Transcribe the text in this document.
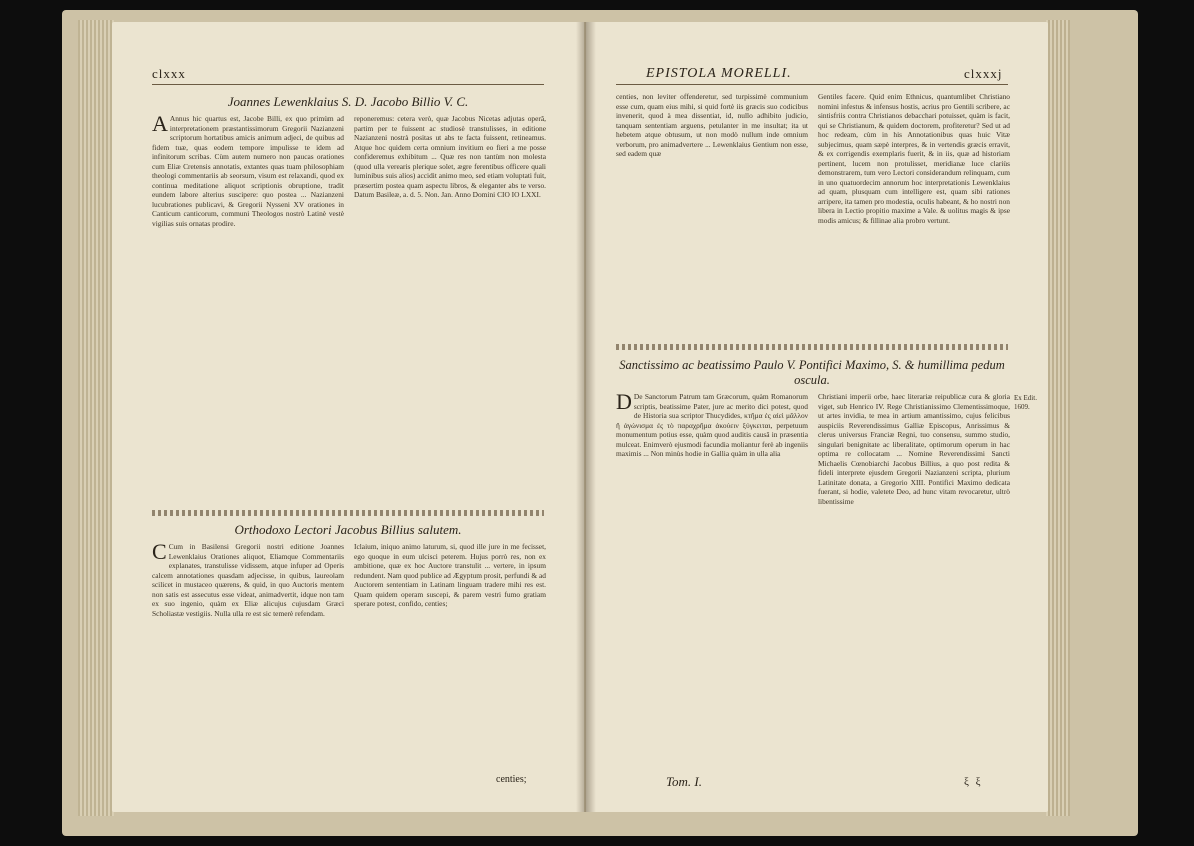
clxxx
Joannes Lewenklaius S. D. Jacobo Billio V. C.

A Annus hic quartus est, Jacobe Billi, ex quo primùm ad interpretationem præstantissimorum Gregorii Nazianzeni scriptorum hortatibus amicis animum adjeci, de quibus ad fidem tuæ, quas eodem tempore impulisse te idem ad infinitorum scribas. Cùm autem numero non paucas orationes cum Eliæ Cretensis annotatis, extantes quas tuam philosophiam theologi commentariis ab seorsum, visum est relaxandi, quod ex continua meditatione aliquot scriptionis obruptione, tradit eundem labore alterius suscipere: quo postea ... Nazianzeni lucubrationes publicavi, & Gregorii Nysseni XV orationes in Canticum canticorum, communi Theologos nostrò Latinè vestè vigilias suis ornatas prodire.

reponeremus: cetera verò, quæ Jacobus Nicetas adjutas operâ, partim per te fuissent ac studiosè transtulisses, in editione Nazianzeni nostrà positas ut abs te facta fuissent, retineamus. Atque hoc quidem certa omnium invitium eo fieri a me posse confideremus exhibitum ... Quæ res non tantùm non molesta (quod ulla verearis plerique solet, ægre ferentibus officere quali luminibus suis alios) accidit animo meo, sed etiam voluptati fuit, præsertim postea quam aspectu libros, & eleganter abs te verso. Datum Basileæ, a. d. 5. Non. Jan. Anno Domini CIO IO LXXI.

Orthodoxo Lectori Jacobus Billius salutem.

C Cum in Basilensi Gregorii nostri editione Joannes Lewenklaius Orationes aliquot, Eliamque Commentariis explanates, transtulisse vidissem, atque infuper ad Operis calcem annotationes quasdam adjecisse, in quibus, laureolam scilicet in mustaceo quærens, & quid, in quo Auctoris mentem non satis est assecutus esse videat, animadvertit, idque non tam ex suo ingenio, quàm ex Eliæ alicujus cujusdam Græci Scholiastæ vestigiis. Nulla ulla re est sic temerè refendam.

Iclaium, iniquo animo laturum, si, quod ille jure in me fecisset, ego quoque in eum ulcisci peterem. Hujus porrò res, non ex ambitione, quæ ex hoc Auctore transtulit ... vertere, in ipsum redundent. Nam quod publice ad Ægyptum prosit, perfundi & ad Auctorem sententiam in Latinam linguam tradere mihi res est. Quam quidem operam suscepi, & parem vestri fumo gratiam sperare potest, confido, centies;

centies;
EPISTOLA MORELLI.	clxxxj

centies, non leviter offenderetur, sed turpissimè communium esse cum, quam eius mihi, si quid fortè iis græcis suo codicibus invenerit, quod à mea dissentiat, id, nullo adhibito judicio, tanquam sententiam arguens, petulanter in me insultat; ita ut hebetem atque obtusum, ut non modò nullum inde omnium verborum, pro animadvertere ... Lewenklaius Gentium non esse, sed eadem quæ

Gentiles facere. Quid enim Ethnicus, quantumlibet Christiano nomini infestus & infensus hostis, acrius pro Gentili scribere, ac sintisfriis contra Christianos debacchari potuisset, quàm is facit, qui se Christianum, & quidem doctorem, profiteretur? Sed ut ad hoc redeam, cùm in his Annotationibus quas huic Vitæ subjecimus, quam sæpè interpres, & in vertendis græcis erravit, & ex corrigendis exemplaris fuerit, & in iis, quæ ad historiam pertinent, lucem non protulisset, meridianæ luce clariùs demonstrarem, tum vero Lectori considerandum relinquam, cum in uno quatuordecim annorum hoc interpretationis Lewenklaius ad quam, plusquam cum intelligere est, quam sibi rationes arripere, ita tamen pro modestia, oculis habeant, & ho nostri non libera in Lectio propitio maxime a Vale. & uolitus magis & ipse modis amicus; & fillinae alia probro vertunt.

Sanctissimo ac beatissimo Paulo V. Pontifici Maximo, S. & humillima pedum oscula.

D De Sanctorum Patrum tam Græcorum, quàm Romanorum scriptis, beatissime Pater, jure ac merito dici potest, quod de Historia sua scriptor Thucydides, κτῆμα ἐς αἰεὶ μᾶλλον ἢ ἀγώνισμα ἐς τὸ παραχρῆμα ἀκούειν ξύγκειται, perpetuum monumentum potius esse, quàm quod auditis causâ in præsentia mulceat. Enimverò ejusmodi facundia moliantur ferè ab ingeniis maximis ... Non minùs hodie in Gallia quàm in ulla alia

Christiani imperii orbe, haec literariæ reipublicæ cura & gloria viget, sub Henrico IV. Rege Christianissimo Clementissimoque, ut artes invidia, te mea in artium amantissimo, cujus felicibus auspiciis Reverendissimus Galliæ Episcopus, Anrissimus & clerus universus Franciæ Regni, tuo consensu, summo studio, singulari benignitate ac liberalitate, optimorum operum in hac optima re collocatam ... Nomine Reverendissimi Sancti Michaelis Cœnobiarchi Jacobus Billius, a quo post redita & fideli interprete ejusdem Gregorii Nazianzeni scripta, plurium Latinitate donata, a Gregorio XIII. Pontifici Maximo dedicata fuerant, si hodie, valetete Deo, ad hunc vitam revocaretur, ultrò libentissime

Ex Edit. 1609.
Tom. I.	ξ ξ
